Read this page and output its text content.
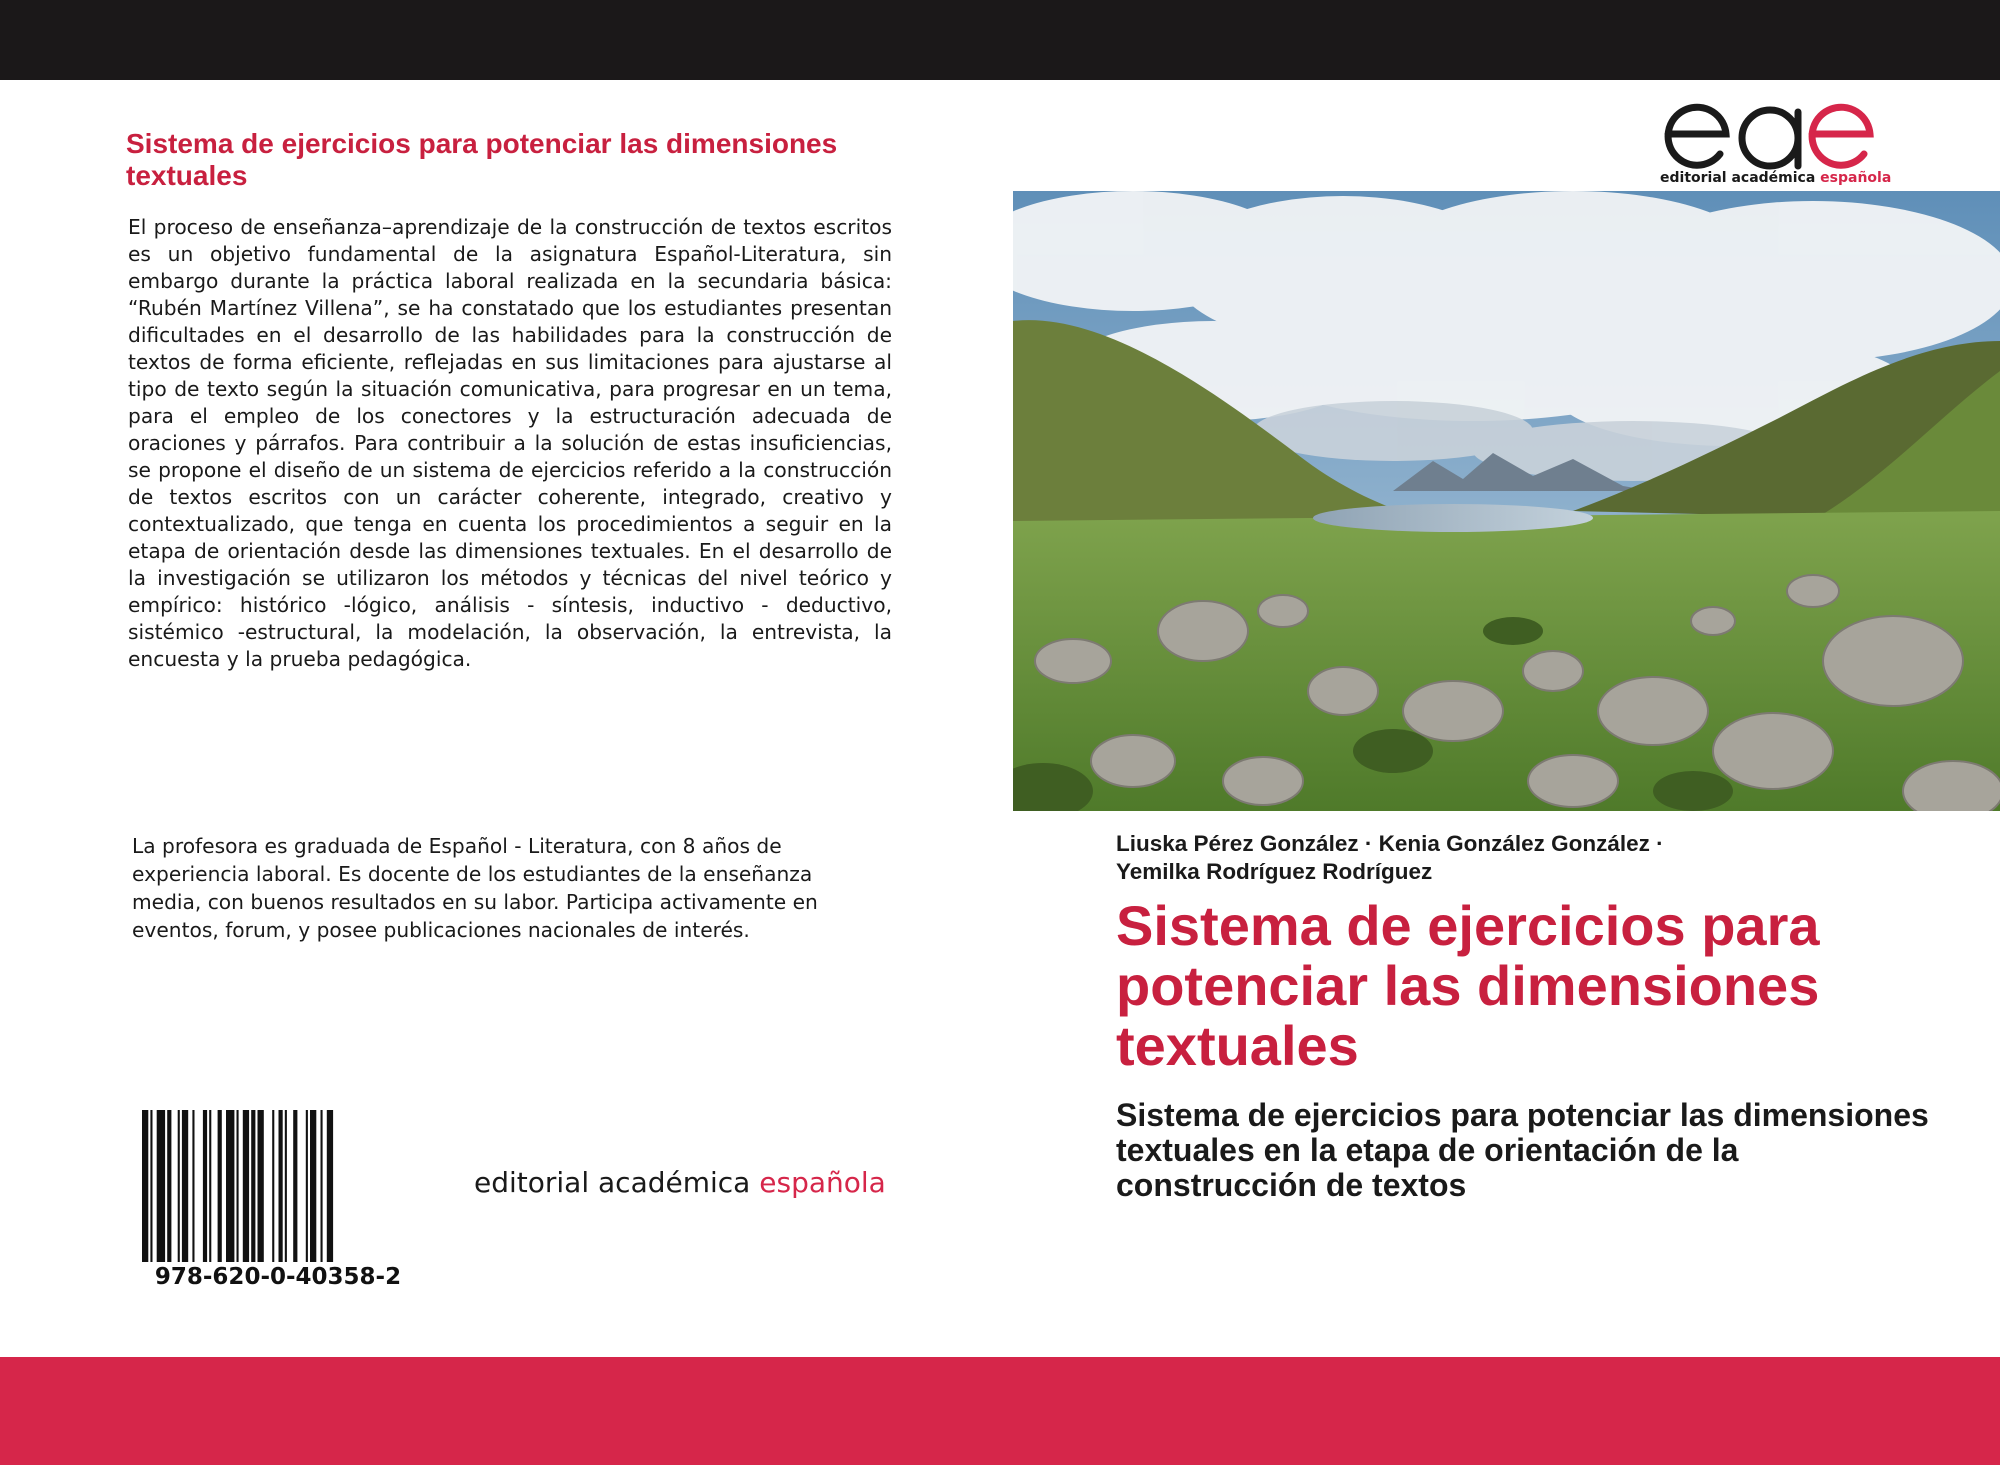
Sistema de ejercicios para potenciar las dimensiones textuales

El proceso de enseñanza–aprendizaje de la construcción de textos escritos es un objetivo fundamental de la asignatura Español-Literatura, sin embargo durante la práctica laboral realizada en la secundaria básica: “Rubén Martínez Villena”, se ha constatado que los estudiantes presentan dificultades en el desarrollo de las habilidades para la construcción de textos de forma eficiente, reflejadas en sus limitaciones para ajustarse al tipo de texto según la situación comunicativa, para progresar en un tema, para el empleo de los conectores y la estructuración adecuada de oraciones y párrafos. Para contribuir a la solución de estas insuficiencias, se propone el diseño de un sistema de ejercicios referido a la construcción de textos escritos con un carácter coherente, integrado, creativo y contextualizado, que tenga en cuenta los procedimientos a seguir en la etapa de orientación desde las dimensiones textuales. En el desarrollo de la investigación se utilizaron los métodos y técnicas del nivel teórico y empírico: histórico -lógico, análisis - síntesis, inductivo - deductivo, sistémico -estructural, la modelación, la observación, la entrevista, la encuesta y la prueba pedagógica.

La profesora es graduada de Español - Literatura, con 8 años de experiencia laboral. Es docente de los estudiantes de la enseñanza media, con buenos resultados en su labor. Participa activamente en eventos, forum, y posee publicaciones nacionales de interés.

978-620-0-40358-2
editorial académica española
editorial académica española

Liuska Pérez González · Kenia González González ·
Yemilka Rodríguez Rodríguez

Sistema de ejercicios para potenciar las dimensiones textuales

Sistema de ejercicios para potenciar las dimensiones textuales en la etapa de orientación de la construcción de textos
